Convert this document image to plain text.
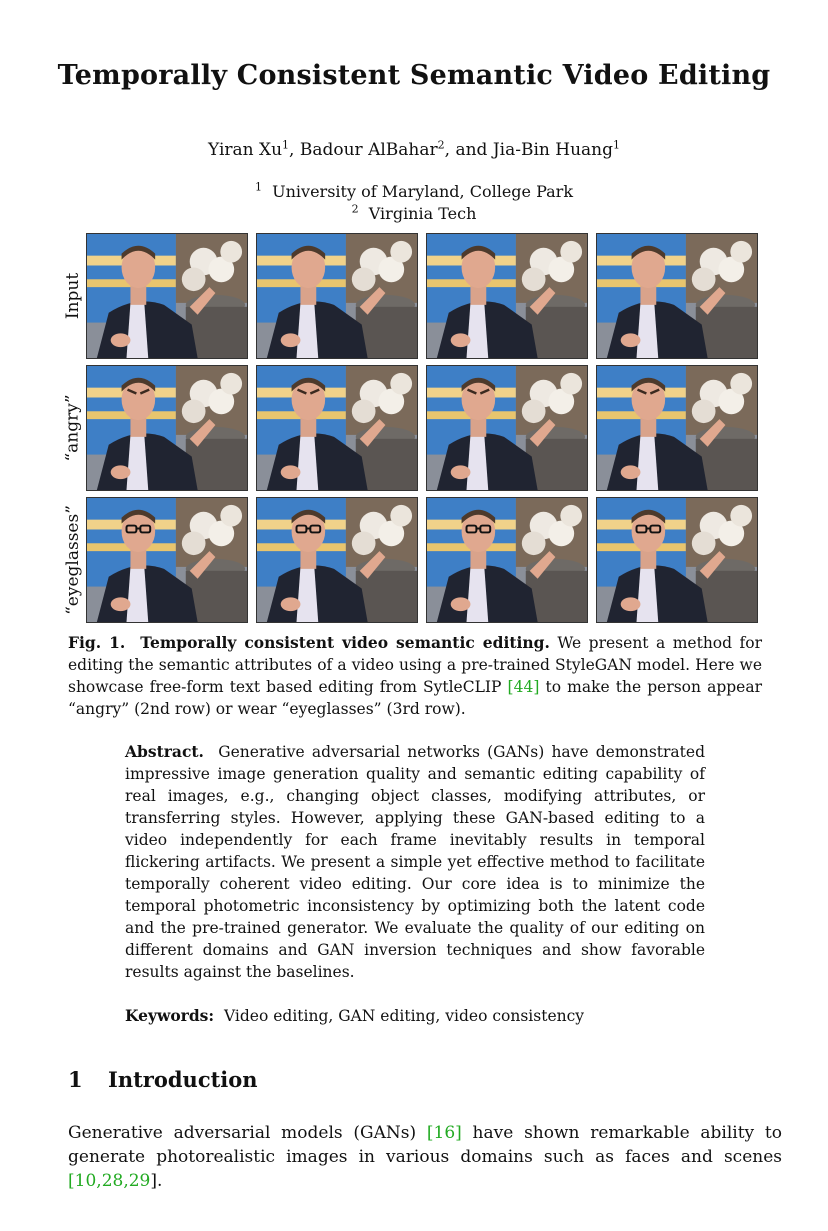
Temporally Consistent Semantic Video Editing
Yiran Xu$^1$, Badour AlBahar$^2$, and Jia-Bin Huang$^1$
$^1$ University of Maryland, College Park
$^2$ Virginia Tech
Input
“angry”
“eyeglasses”
Fig. 1. Temporally consistent video semantic editing. We present a method for editing the semantic attributes of a video using a pre-trained StyleGAN model. Here we showcase free-form text based editing from SytleCLIP [44] to make the person appear “angry” (2nd row) or wear “eyeglasses” (3rd row).
Abstract. Generative adversarial networks (GANs) have demonstrated impressive image generation quality and semantic editing capability of real images, e.g., changing object classes, modifying attributes, or transferring styles. However, applying these GAN-based editing to a video independently for each frame inevitably results in temporal flickering artifacts. We present a simple yet effective method to facilitate temporally coherent video editing. Our core idea is to minimize the temporal photometric inconsistency by optimizing both the latent code and the pre-trained generator. We evaluate the quality of our editing on different domains and GAN inversion techniques and show favorable results against the baselines.
Keywords: Video editing, GAN editing, video consistency
1 Introduction
Generative adversarial models (GANs) [16] have shown remarkable ability to generate photorealistic images in various domains such as faces and scenes [10,28,29].
